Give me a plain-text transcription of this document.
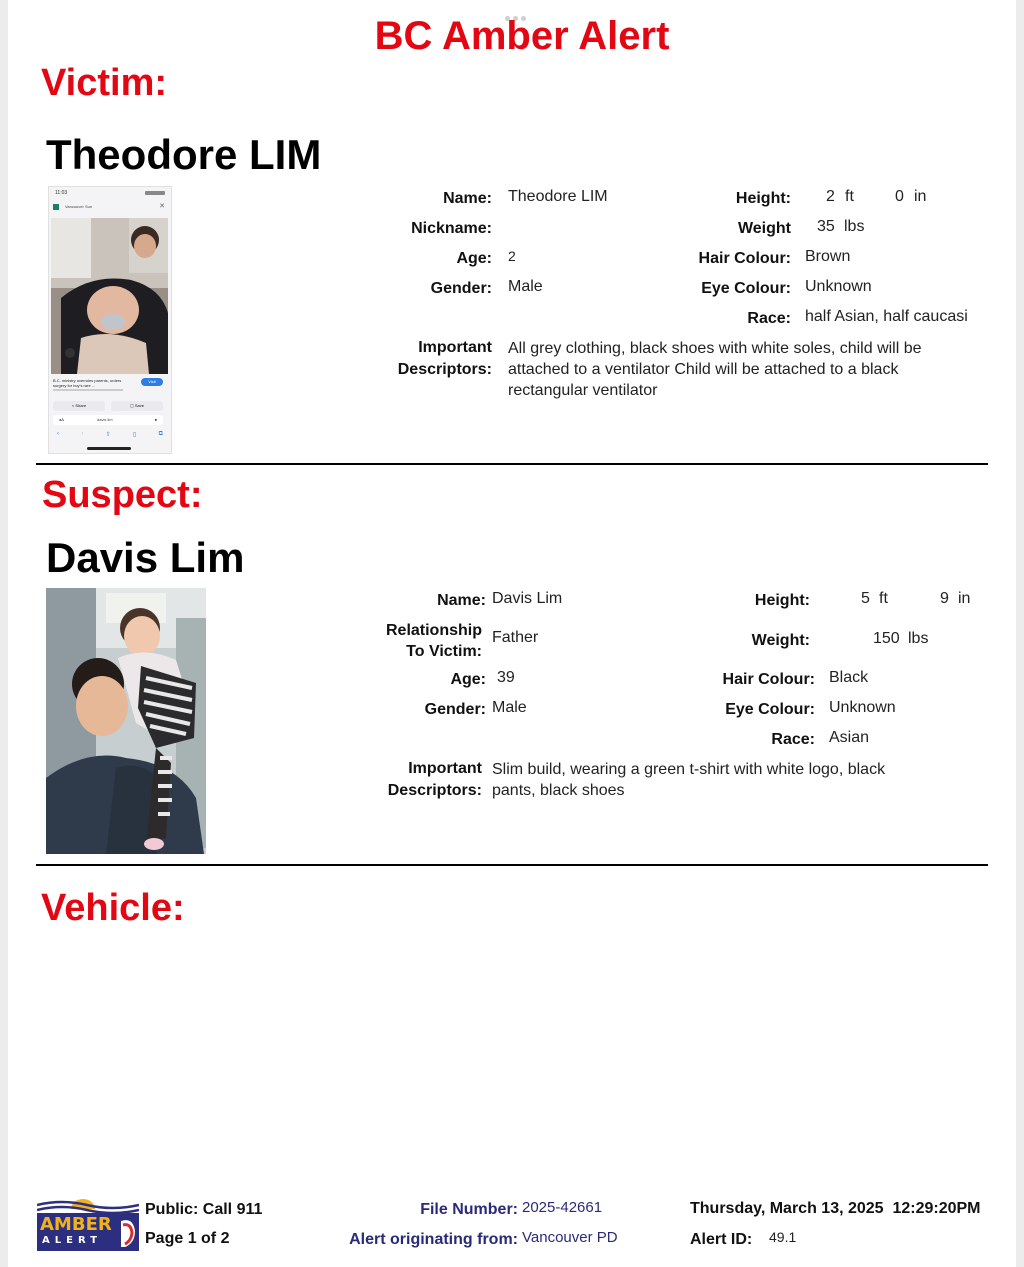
BC Amber Alert
Victim:
Theodore LIM
11:03
Vancouver Sun	✕
B.C. ministry overrules parents, orders surgery for boy's rare ...
Visit
< Share	▢ Save
aA	davis lim	●
‹	›	⇧	▯	⧉
Name: Theodore LIM
Nickname:
Age: 2
Gender: Male
Important
Descriptors:
All grey clothing, black shoes with white soles, child will be attached to a ventilator Child will be attached to a black rectangular ventilator
Height: 2 ft	0 in
Weight 35 lbs
Hair Colour: Brown
Eye Colour: Unknown
Race: half Asian, half caucasi
Suspect:
Davis Lim
Name: Davis Lim
Relationship
To Victim:
Father
Age: 39
Gender: Male
Important
Descriptors:
Slim build, wearing a green t-shirt with white logo, black pants, black shoes
Height:	5 ft	9 in
Weight:	150 lbs
Hair Colour: Black
Eye Colour: Unknown
Race: Asian
Vehicle:
AMBER
ALERT
Public: Call 911
Page 1 of 2
File Number: 2025-42661
Alert originating from: Vancouver PD
Thursday, March 13, 2025  12:29:20PM
Alert ID: 49.1
